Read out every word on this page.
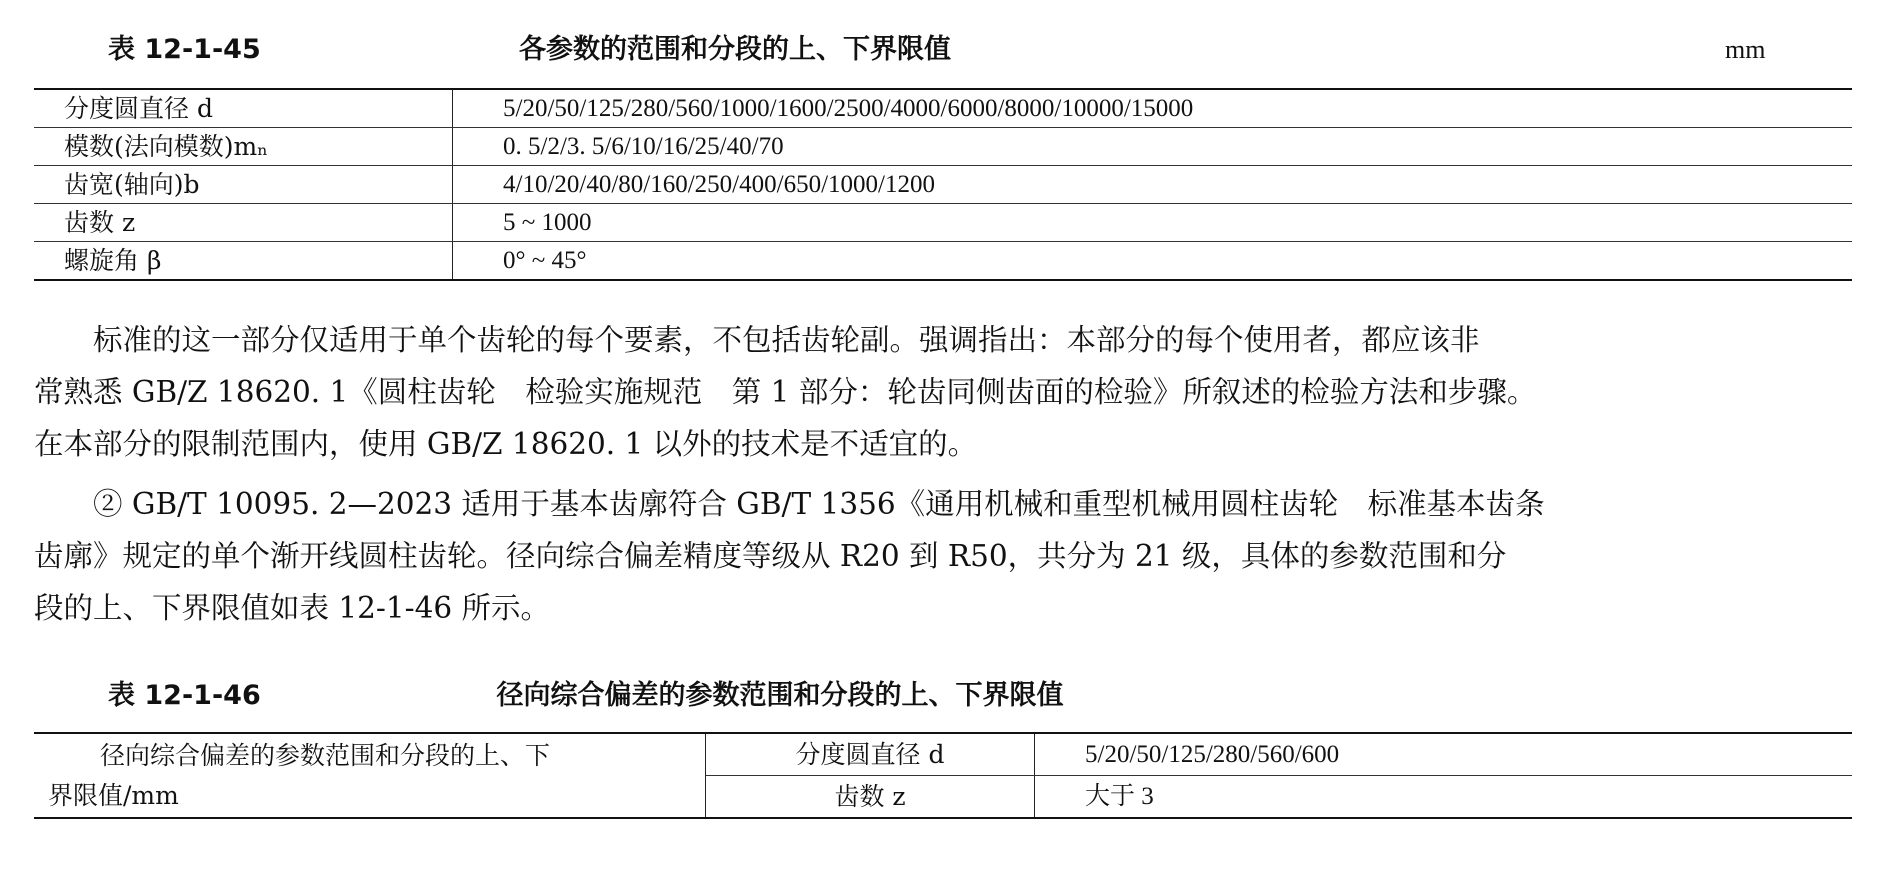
表 12-1-45	各参数的范围和分段的上、下界限值	mm
分度圆直径 d	5/20/50/125/280/560/1000/1600/2500/4000/6000/8000/10000/15000
模数(法向模数)mₙ	0. 5/2/3. 5/6/10/16/25/40/70
齿宽(轴向)b	4/10/20/40/80/160/250/400/650/1000/1200
齿数 z	5 ~ 1000
螺旋角 β	0° ~ 45°
　　标准的这一部分仅适用于单个齿轮的每个要素，不包括齿轮副。强调指出：本部分的每个使用者，都应该非
常熟悉 GB/Z 18620. 1《圆柱齿轮　检验实施规范　第 1 部分：轮齿同侧齿面的检验》所叙述的检验方法和步骤。
在本部分的限制范围内，使用 GB/Z 18620. 1 以外的技术是不适宜的。
　　② GB/T 10095. 2—2023 适用于基本齿廓符合 GB/T 1356《通用机械和重型机械用圆柱齿轮　标准基本齿条
齿廓》规定的单个渐开线圆柱齿轮。径向综合偏差精度等级从 R20 到 R50，共分为 21 级，具体的参数范围和分
段的上、下界限值如表 12-1-46 所示。
表 12-1-46	径向综合偏差的参数范围和分段的上、下界限值
径向综合偏差的参数范围和分段的上、下
界限值/mm	分度圆直径 d	5/20/50/125/280/560/600
	齿数 z	大于 3
